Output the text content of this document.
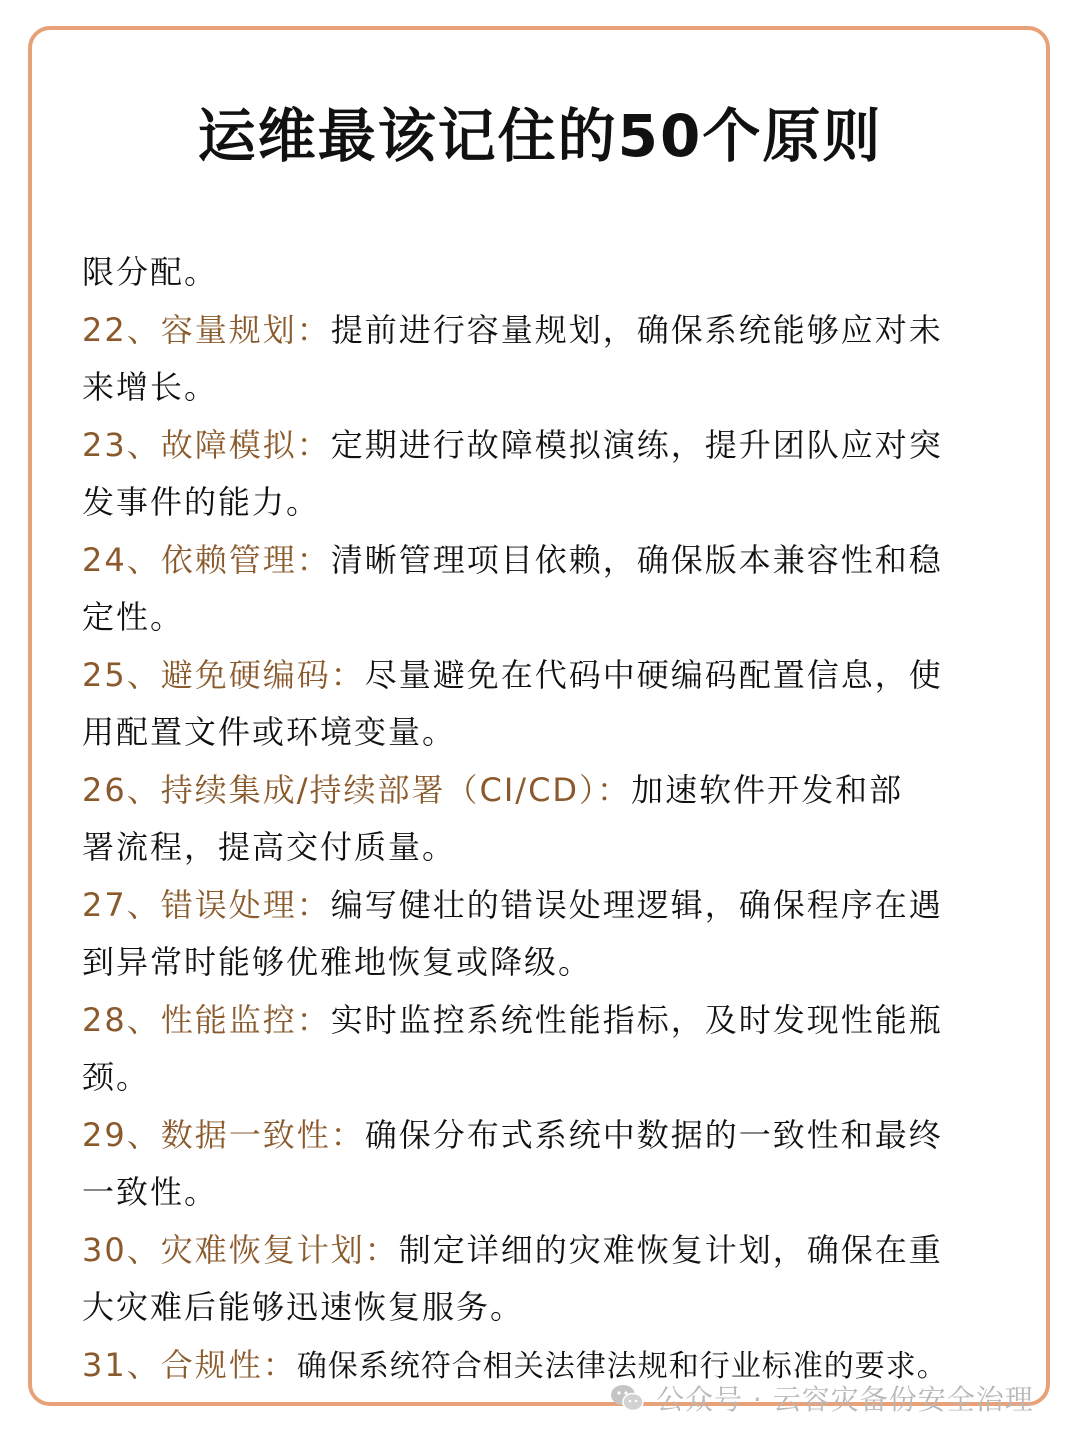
运维最该记住的50个原则
限分配。
22、容量规划：提前进行容量规划，确保系统能够应对未
来增长。
23、故障模拟：定期进行故障模拟演练，提升团队应对突
发事件的能力。
24、依赖管理：清晰管理项目依赖，确保版本兼容性和稳
定性。
25、避免硬编码：尽量避免在代码中硬编码配置信息，使
用配置文件或环境变量。
26、持续集成/持续部署（CI/CD）：加速软件开发和部
署流程，提高交付质量。
27、错误处理：编写健壮的错误处理逻辑，确保程序在遇
到异常时能够优雅地恢复或降级。
28、性能监控：实时监控系统性能指标，及时发现性能瓶
颈。
29、数据一致性：确保分布式系统中数据的一致性和最终
一致性。
30、灾难恢复计划：制定详细的灾难恢复计划，确保在重
大灾难后能够迅速恢复服务。
31、合规性：确保系统符合相关法律法规和行业标准的要求。
公众号 · 云容灾备份安全治理
